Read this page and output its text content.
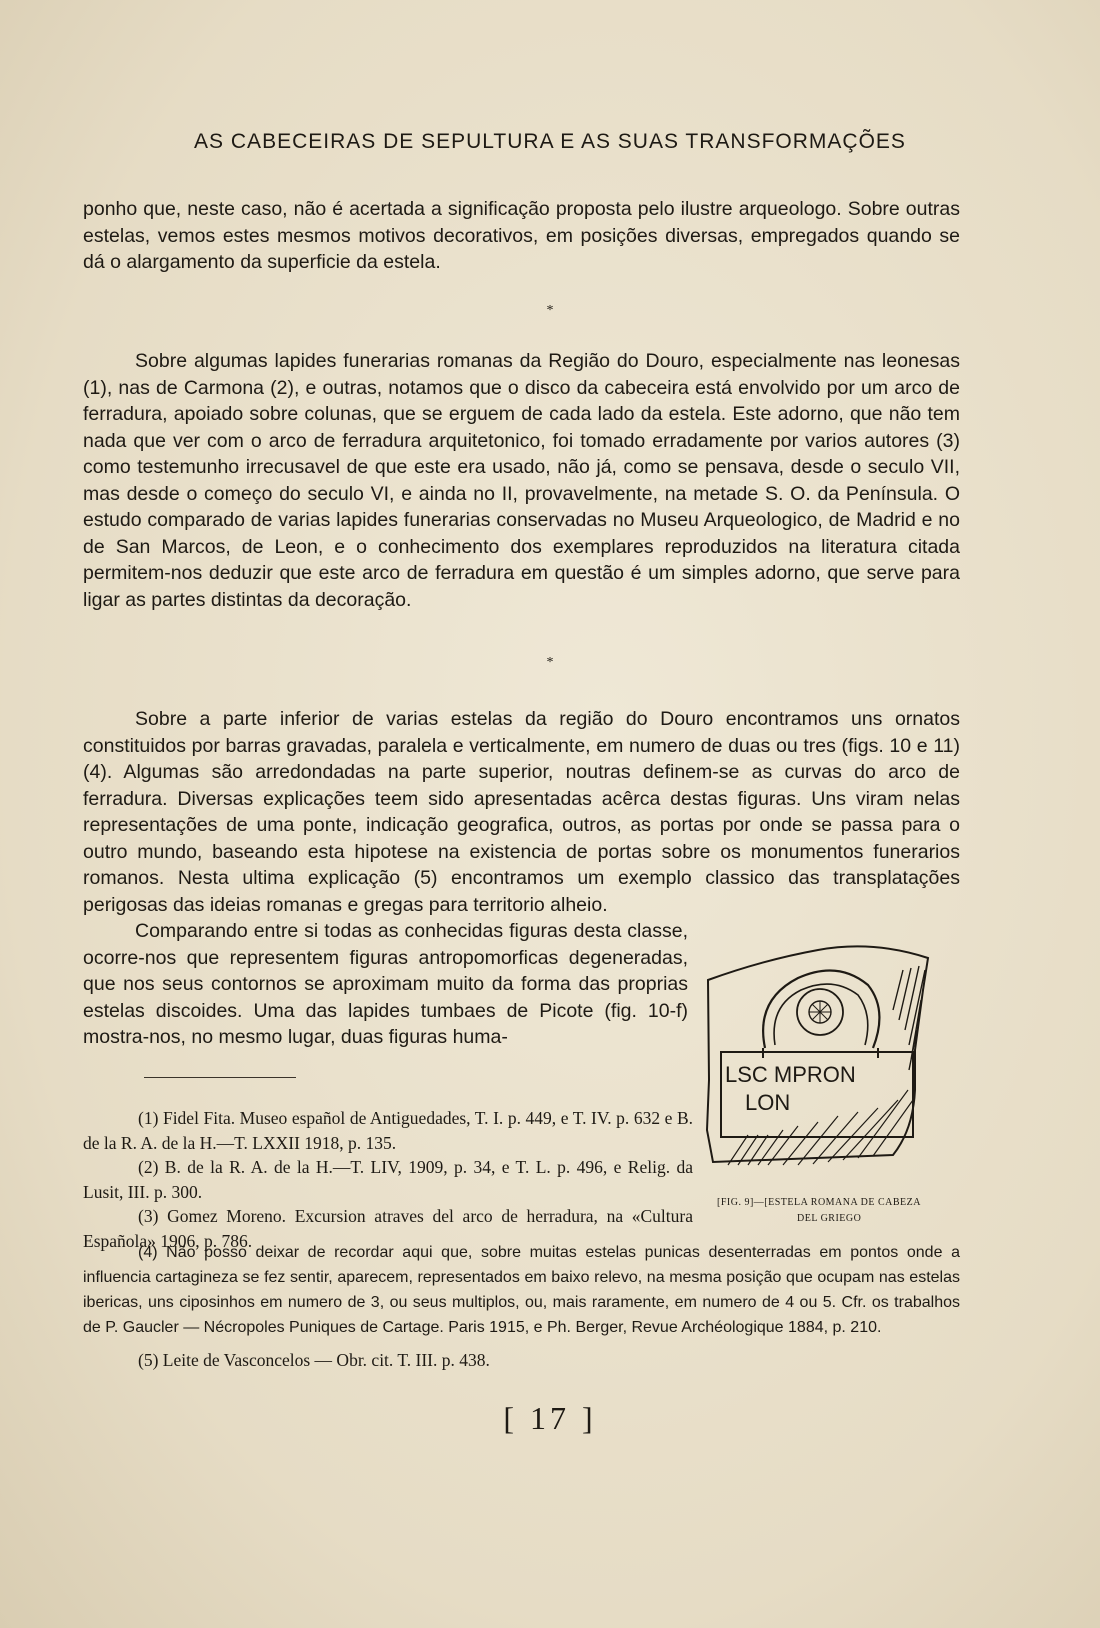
AS CABECEIRAS DE SEPULTURA E AS SUAS TRANSFORMAÇÕES

ponho que, neste caso, não é acertada a significação proposta pelo ilustre arqueologo. Sobre outras estelas, vemos estes mesmos motivos decorativos, em posições diversas, empregados quando se dá o alargamento da superficie da estela.

*

Sobre algumas lapides funerarias romanas da Região do Douro, especialmente nas leonesas (1), nas de Carmona (2), e outras, notamos que o disco da cabeceira está envolvido por um arco de ferradura, apoiado sobre colunas, que se erguem de cada lado da estela. Este adorno, que não tem nada que ver com o arco de ferradura arquitetonico, foi tomado erradamente por varios autores (3) como testemunho irrecusavel de que este era usado, não já, como se pensava, desde o seculo VII, mas desde o começo do seculo VI, e ainda no II, provavelmente, na metade S. O. da Península. O estudo comparado de varias lapides funerarias conservadas no Museu Arqueologico, de Madrid e no de San Marcos, de Leon, e o conhecimento dos exemplares reproduzidos na literatura citada permitem-nos deduzir que este arco de ferradura em questão é um simples adorno, que serve para ligar as partes distintas da decoração.

*

Sobre a parte inferior de varias estelas da região do Douro encontramos uns ornatos constituidos por barras gravadas, paralela e verticalmente, em numero de duas ou tres (figs. 10 e 11) (4). Algumas são arredondadas na parte superior, noutras definem-se as curvas do arco de ferradura. Diversas explicações teem sido apresentadas acêrca destas figuras. Uns viram nelas representações de uma ponte, indicação geografica, outros, as portas por onde se passa para o outro mundo, baseando esta hipotese na existencia de portas sobre os monumentos funerarios romanos. Nesta ultima explicação (5) encontramos um exemplo classico das transplatações perigosas das ideias romanas e gregas para territorio alheio.

Comparando entre si todas as conhecidas figuras desta classe, ocorre-nos que representem figuras antropomorficas degeneradas, que nos seus contornos se aproximam muito da forma das proprias estelas discoides. Uma das lapides tumbaes de Picote (fig. 10-f) mostra-nos, no mesmo lugar, duas figuras huma-

LSC MPRON
LON
[FIG. 9]—[ESTELA ROMANA DE CABEZA
DEL GRIEGO

(1) Fidel Fita. Museo español de Antiguedades, T. I. p. 449, e T. IV. p. 632 e B. de la R. A. de la H.—T. LXXII 1918, p. 135.

(2) B. de la R. A. de la H.—T. LIV, 1909, p. 34, e T. L. p. 496, e Relig. da Lusit, III. p. 300.

(3) Gomez Moreno. Excursion atraves del arco de herradura, na «Cultura Española» 1906, p. 786.

(4) Não posso deixar de recordar aqui que, sobre muitas estelas punicas desenterradas em pontos onde a influencia cartagineza se fez sentir, aparecem, representados em baixo relevo, na mesma posição que ocupam nas estelas ibericas, uns ciposinhos em numero de 3, ou seus multiplos, ou, mais raramente, em numero de 4 ou 5. Cfr. os trabalhos de P. Gaucler — Nécropoles Puniques de Cartage. Paris 1915, e Ph. Berger, Revue Archéologique 1884, p. 210.

(5) Leite de Vasconcelos — Obr. cit. T. III. p. 438.
[ 17 ]
